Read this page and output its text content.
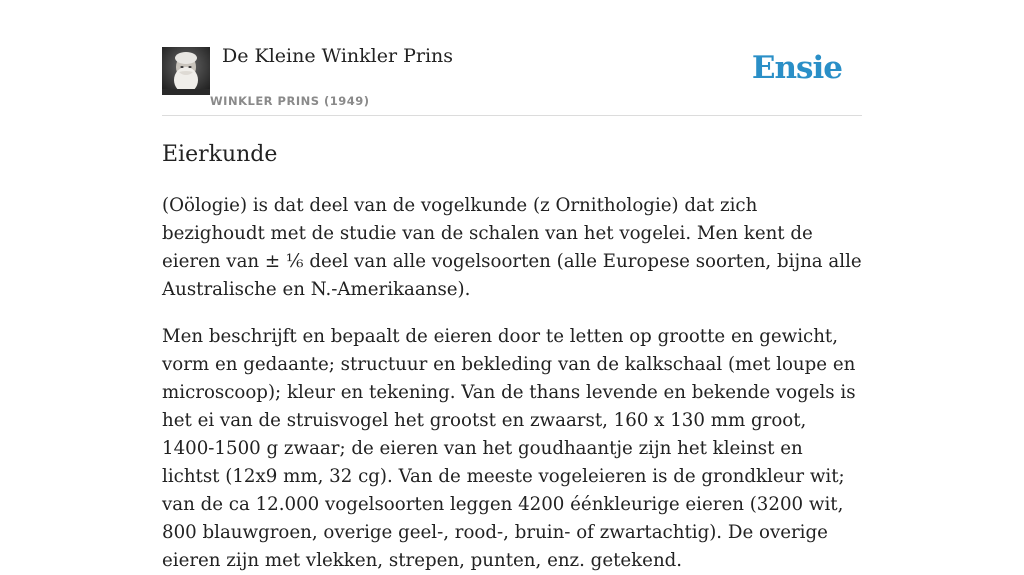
De Kleine Winkler Prins
WINKLER PRINS (1949)
Ensie
Eierkunde

(Oölogie) is dat deel van de vogelkunde (z Ornithologie) dat zich bezighoudt met de studie van de schalen van het vogelei. Men kent de eieren van ± ⅙ deel van alle vogelsoorten (alle Europese soorten, bijna alle Australische en N.-Amerikaanse).

Men beschrijft en bepaalt de eieren door te letten op grootte en gewicht, vorm en gedaante; structuur en bekleding van de kalkschaal (met loupe en microscoop); kleur en tekening. Van de thans levende en bekende vogels is het ei van de struisvogel het grootst en zwaarst, 160 x 130 mm groot, 1400-1500 g zwaar; de eieren van het goudhaantje zijn het kleinst en lichtst (12x9 mm, 32 cg). Van de meeste vogeleieren is de grondkleur wit; van de ca 12.000 vogelsoorten leggen 4200 éénkleurige eieren (3200 wit, 800 blauwgroen, overige geel-, rood-, bruin- of zwartachtig). De overige eieren zijn met vlekken, strepen, punten, enz. getekend.
